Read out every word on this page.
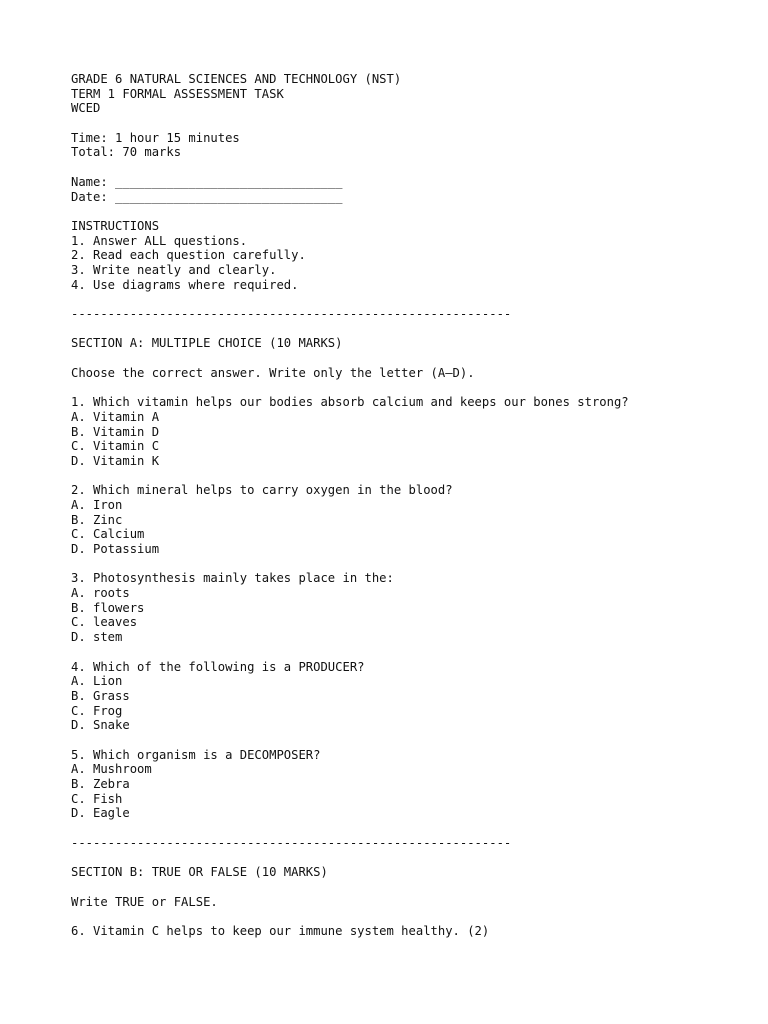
GRADE 6 NATURAL SCIENCES AND TECHNOLOGY (NST)
TERM 1 FORMAL ASSESSMENT TASK
WCED
Time: 1 hour 15 minutes
Total: 70 marks
Name: _______________________________
Date: _______________________________
INSTRUCTIONS
1. Answer ALL questions.
2. Read each question carefully.
3. Write neatly and clearly.
4. Use diagrams where required.
------------------------------------------------------------
SECTION A: MULTIPLE CHOICE (10 MARKS)
Choose the correct answer. Write only the letter (A–D).
1. Which vitamin helps our bodies absorb calcium and keeps our bones strong?
A. Vitamin A
B. Vitamin D
C. Vitamin C
D. Vitamin K
2. Which mineral helps to carry oxygen in the blood?
A. Iron
B. Zinc
C. Calcium
D. Potassium
3. Photosynthesis mainly takes place in the:
A. roots
B. flowers
C. leaves
D. stem
4. Which of the following is a PRODUCER?
A. Lion
B. Grass
C. Frog
D. Snake
5. Which organism is a DECOMPOSER?
A. Mushroom
B. Zebra
C. Fish
D. Eagle
------------------------------------------------------------
SECTION B: TRUE OR FALSE (10 MARKS)
Write TRUE or FALSE.
6. Vitamin C helps to keep our immune system healthy. (2)
